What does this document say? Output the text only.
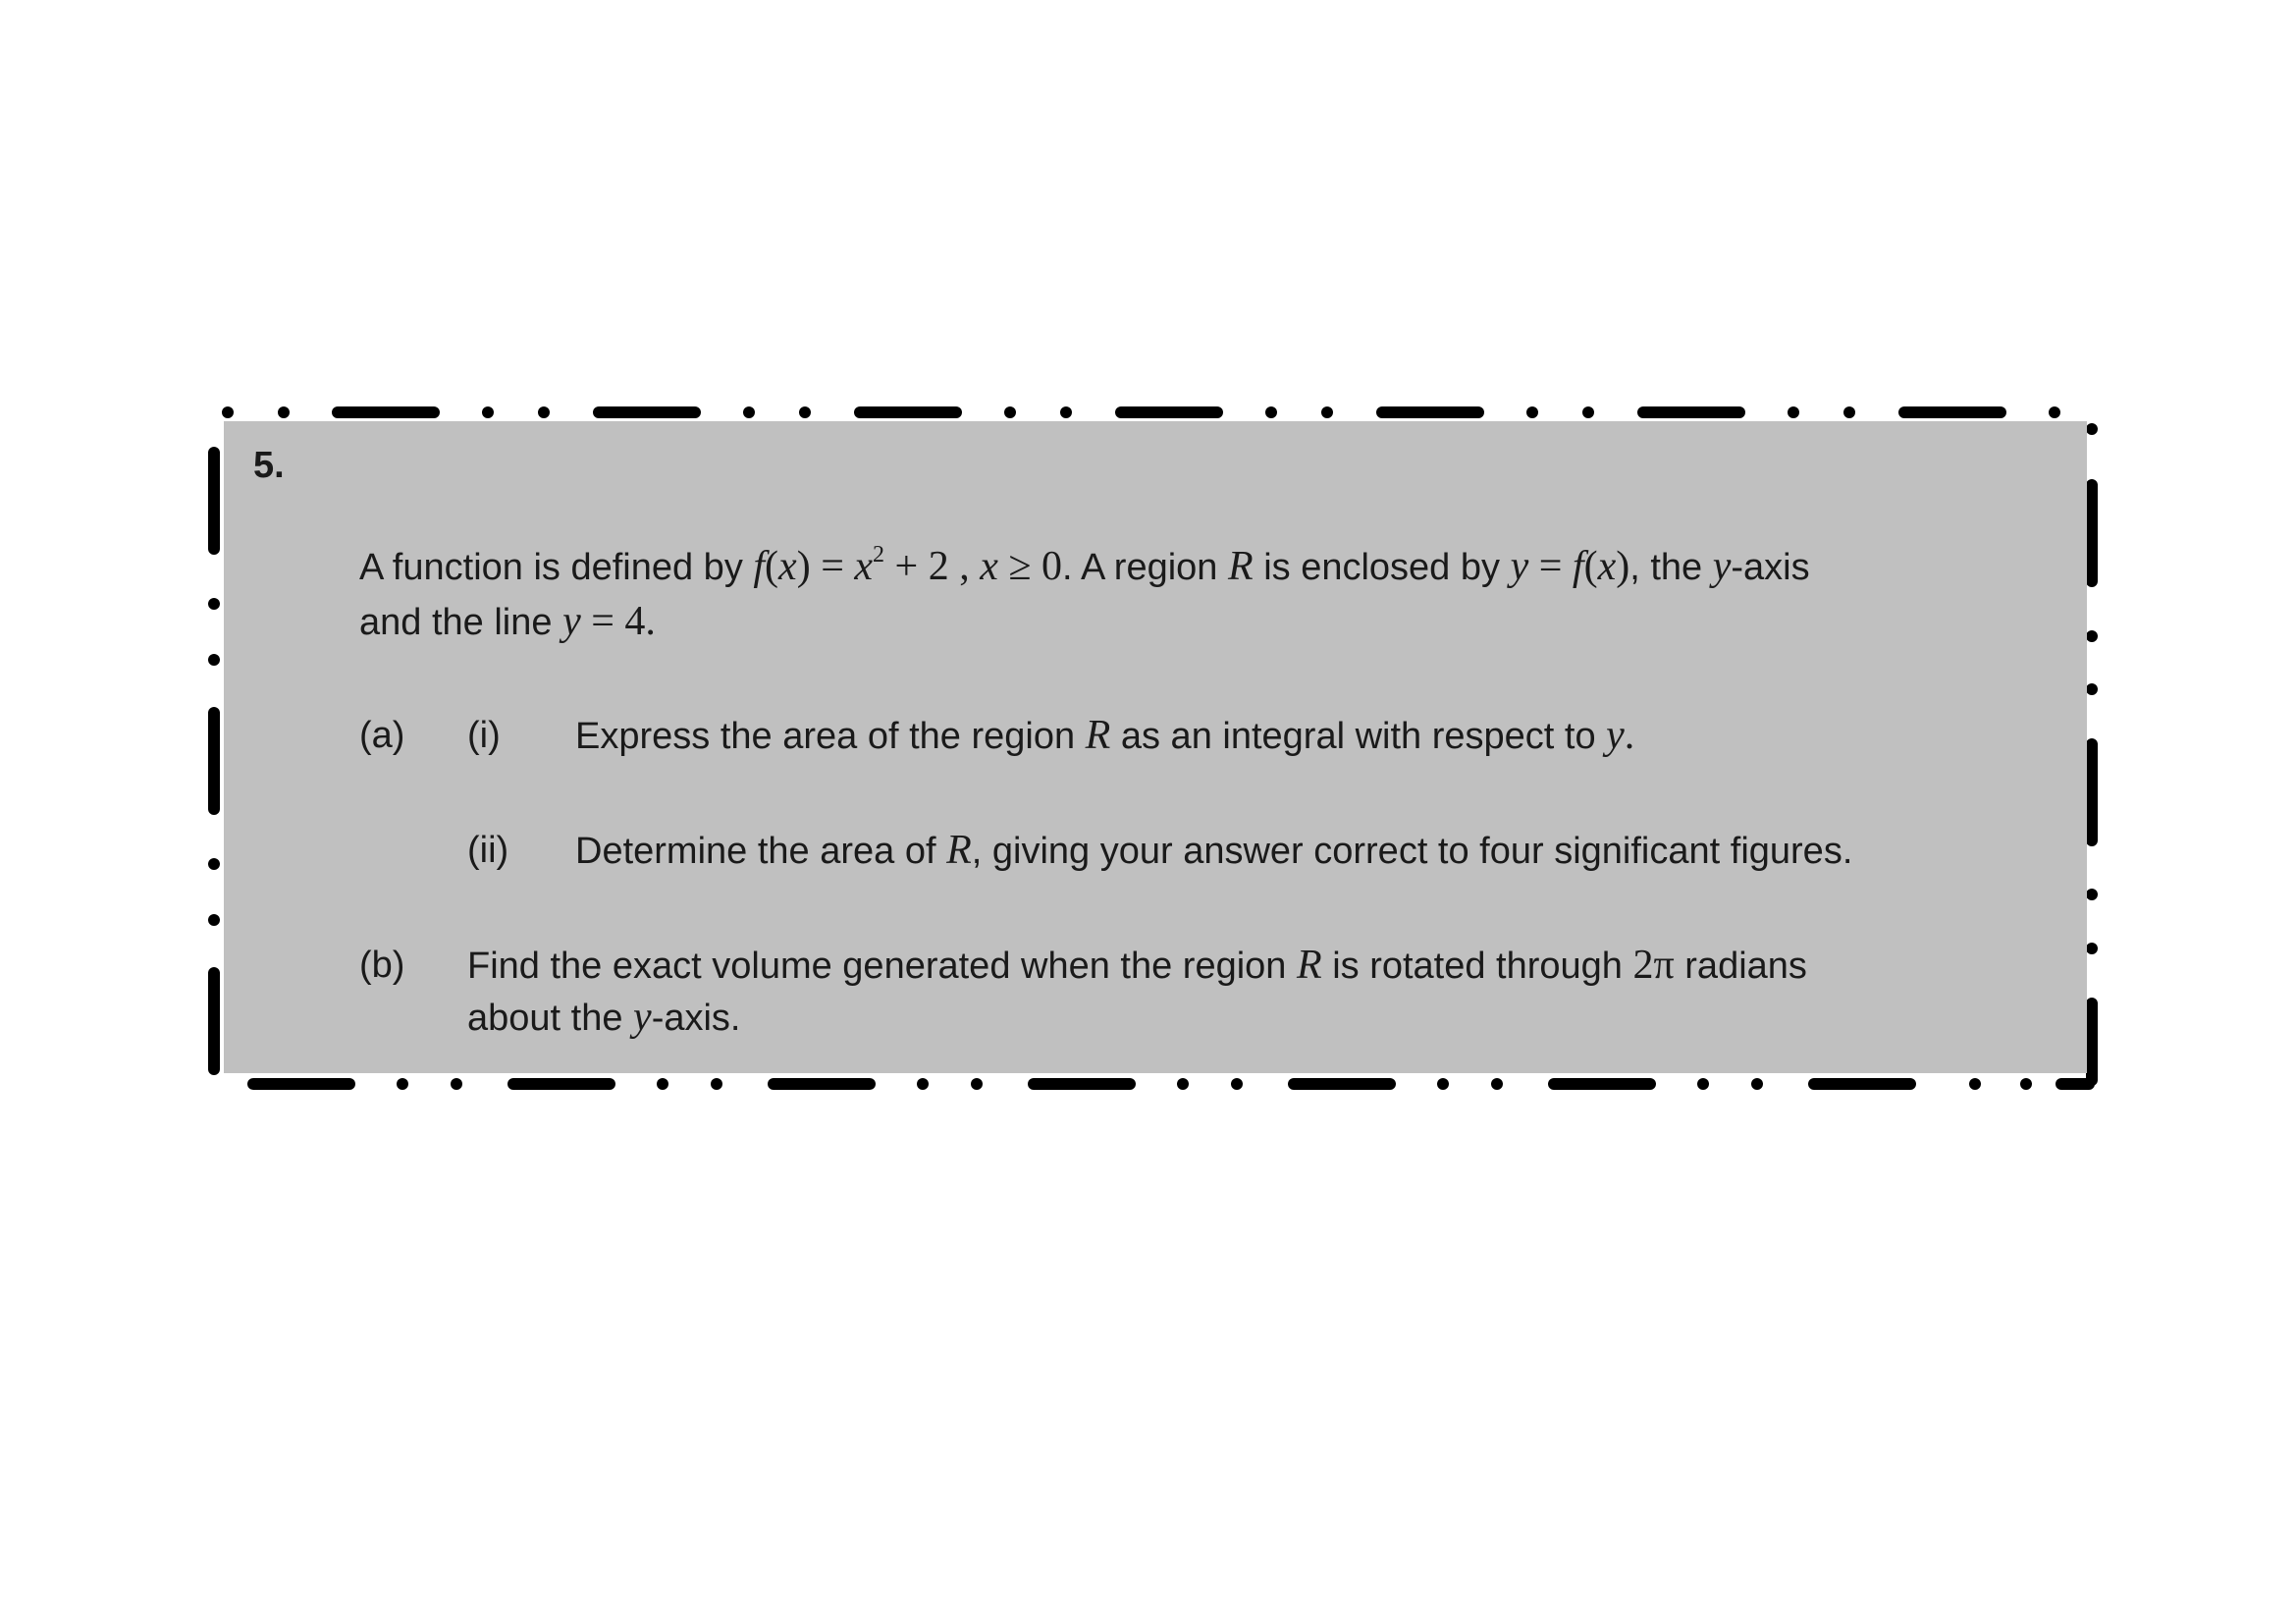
5.
A function is defined by $f(x) = x^2 + 2$ , x ≥ 0. A region R is enclosed by y = f(x), the y-axis
and the line y = 4.
(a) (i) Express the area of the region R as an integral with respect to y.
(ii) Determine the area of R, giving your answer correct to four significant figures.
(b) Find the exact volume generated when the region R is rotated through 2π radians
about the y-axis.
